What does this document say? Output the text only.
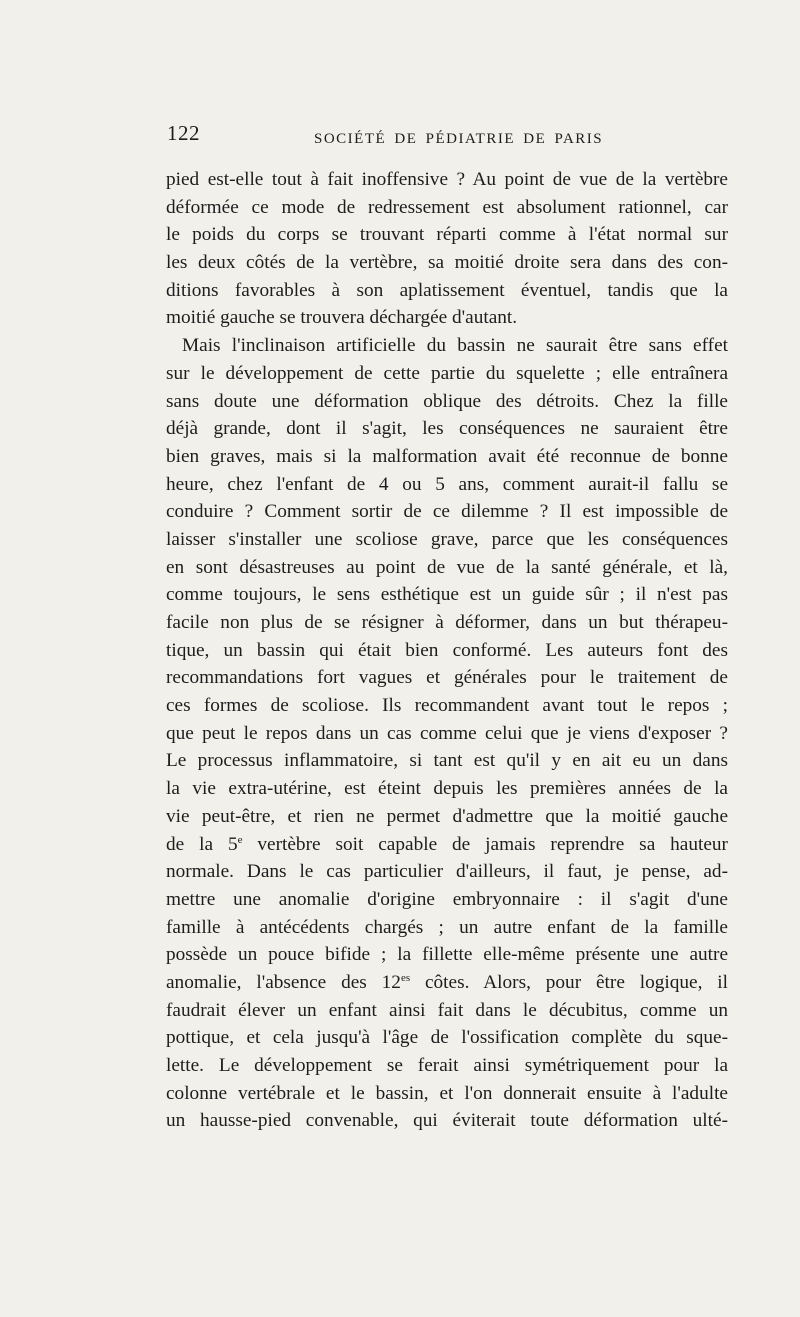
122	SOCIÉTÉ DE PÉDIATRIE DE PARIS
pied est-elle tout à fait inoffensive ? Au point de vue de la vertèbre
déformée ce mode de redressement est absolument rationnel, car
le poids du corps se trouvant réparti comme à l'état normal sur
les deux côtés de la vertèbre, sa moitié droite sera dans des con-
ditions favorables à son aplatissement éventuel, tandis que la
moitié gauche se trouvera déchargée d'autant.
Mais l'inclinaison artificielle du bassin ne saurait être sans effet
sur le développement de cette partie du squelette ; elle entraînera
sans doute une déformation oblique des détroits. Chez la fille
déjà grande, dont il s'agit, les conséquences ne sauraient être
bien graves, mais si la malformation avait été reconnue de bonne
heure, chez l'enfant de 4 ou 5 ans, comment aurait-il fallu se
conduire ? Comment sortir de ce dilemme ? Il est impossible de
laisser s'installer une scoliose grave, parce que les conséquences
en sont désastreuses au point de vue de la santé générale, et là,
comme toujours, le sens esthétique est un guide sûr ; il n'est pas
facile non plus de se résigner à déformer, dans un but thérapeu-
tique, un bassin qui était bien conformé. Les auteurs font des
recommandations fort vagues et générales pour le traitement de
ces formes de scoliose. Ils recommandent avant tout le repos ;
que peut le repos dans un cas comme celui que je viens d'exposer ?
Le processus inflammatoire, si tant est qu'il y en ait eu un dans
la vie extra-utérine, est éteint depuis les premières années de la
vie peut-être, et rien ne permet d'admettre que la moitié gauche
de la 5e vertèbre soit capable de jamais reprendre sa hauteur
normale. Dans le cas particulier d'ailleurs, il faut, je pense, ad-
mettre une anomalie d'origine embryonnaire : il s'agit d'une
famille à antécédents chargés ; un autre enfant de la famille
possède un pouce bifide ; la fillette elle-même présente une autre
anomalie, l'absence des $12^{es}$ côtes. Alors, pour être logique, il
faudrait élever un enfant ainsi fait dans le décubitus, comme un
pottique, et cela jusqu'à l'âge de l'ossification complète du sque-
lette. Le développement se ferait ainsi symétriquement pour la
colonne vertébrale et le bassin, et l'on donnerait ensuite à l'adulte
un hausse-pied convenable, qui éviterait toute déformation ulté-
